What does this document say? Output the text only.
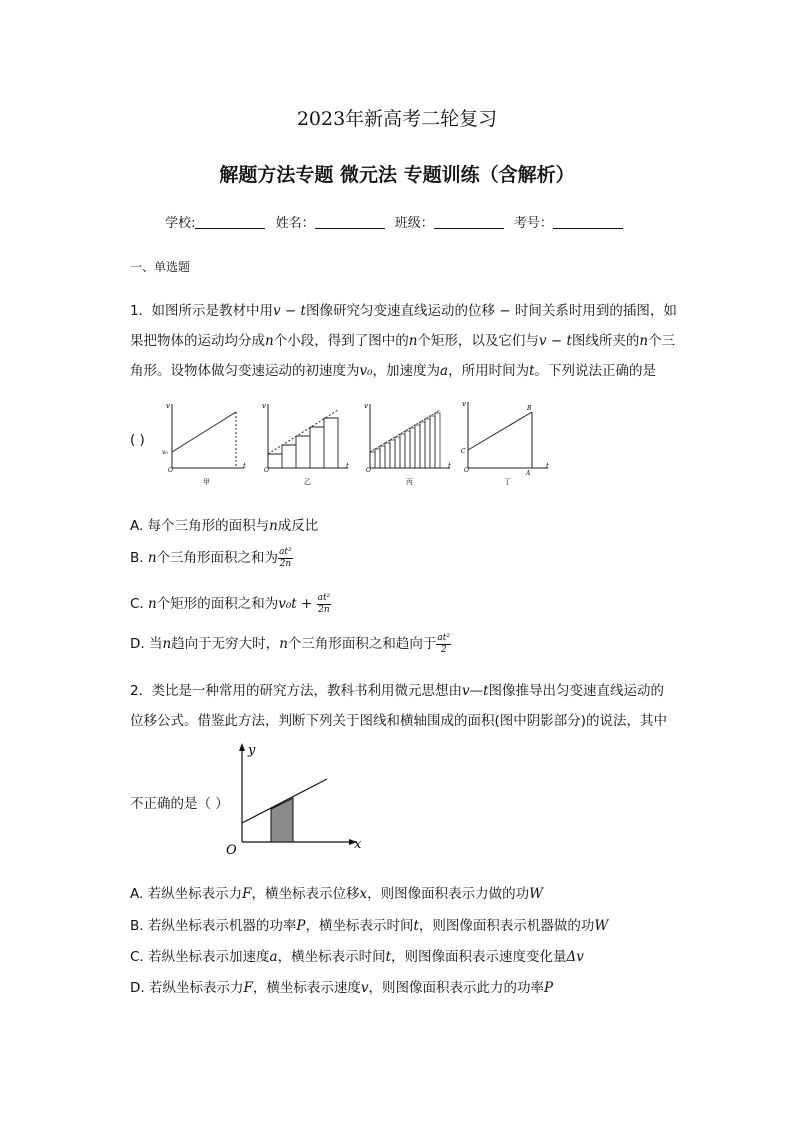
2023年新高考二轮复习
解题方法专题 微元法 专题训练（含解析）
学校:	姓名：	班级：	考号：
一、单选题
1. 如图所示是教材中用v − t图像研究匀变速直线运动的位移 − 时间关系时用到的插图，如
果把物体的运动均分成n个小段，得到了图中的n个矩形，以及它们与v − t图线所夹的n个三
角形。设物体做匀变速运动的初速度为v₀，加速度为a，所用时间为t。下列说法正确的是
( )
v
t
O
v₀
甲
v
t
O
乙
v
t
O
丙
v
t
O
C
B
A
丁
A. 每个三角形的面积与n成反比
B. n个三角形面积之和为 $\frac{\text{at²}}{2n}$
C. n个矩形的面积之和为$v_0t + \frac{\text{at²}}{2n}$
D. 当n趋向于无穷大时，n个三角形面积之和趋向于 $\frac{\text{at²}}{2}$
2. 类比是一种常用的研究方法，教科书利用微元思想由v—t图像推导出匀变速直线运动的
位移公式。借鉴此方法，判断下列关于图线和横轴围成的面积(图中阴影部分)的说法，其中
不正确的是（ ）
y
x
O
A. 若纵坐标表示力F，横坐标表示位移x，则图像面积表示力做的功W
B. 若纵坐标表示机器的功率P，横坐标表示时间t，则图像面积表示机器做的功W
C. 若纵坐标表示加速度a，横坐标表示时间t，则图像面积表示速度变化量Δv
D. 若纵坐标表示力F，横坐标表示速度v，则图像面积表示此力的功率P
